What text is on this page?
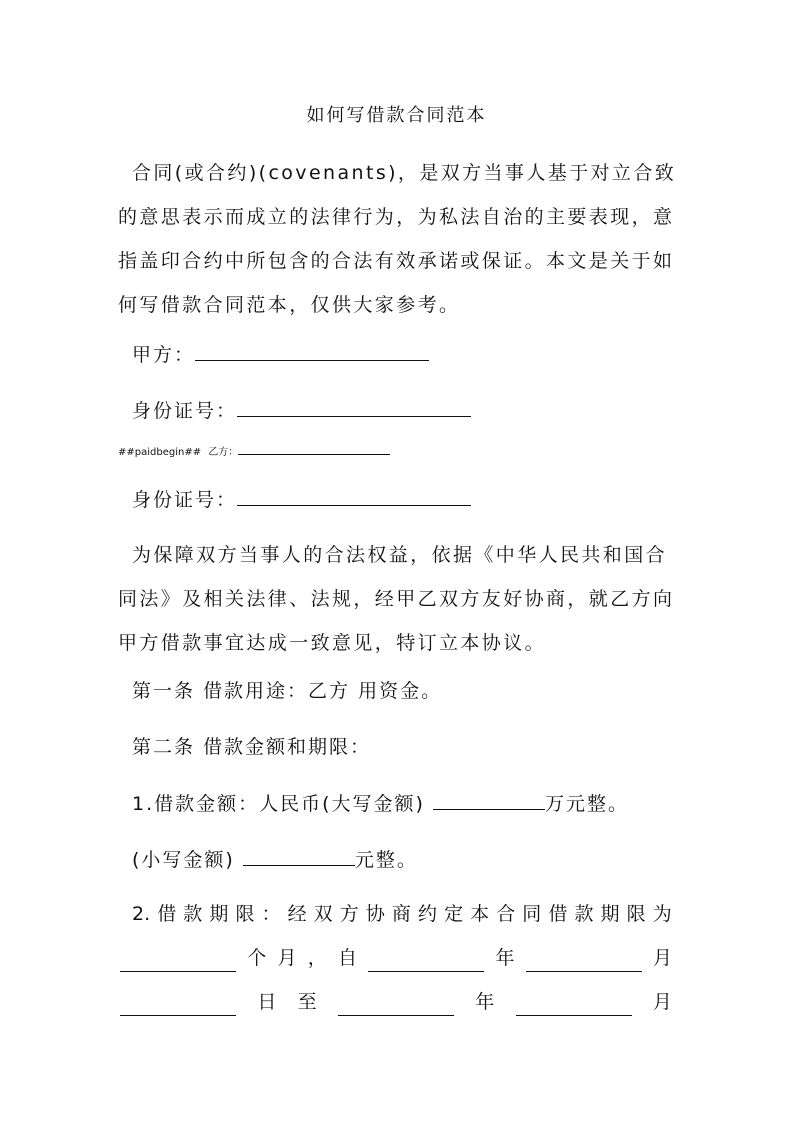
如何写借款合同范本
合同(或合约)(covenants)，是双方当事人基于对立合致的意思表示而成立的法律行为，为私法自治的主要表现，意指盖印合约中所包含的合法有效承诺或保证。本文是关于如何写借款合同范本，仅供大家参考。
甲方：
身份证号：
##paidbegin## 乙方：
身份证号：
为保障双方当事人的合法权益，依据《中华人民共和国合同法》及相关法律、法规，经甲乙双方友好协商，就乙方向甲方借款事宜达成一致意见，特订立本协议。
第一条 借款用途：乙方 用资金。
第二条 借款金额和期限：
1.借款金额：人民币(大写金额)	万元整。
(小写金额)	元整。
2. 借 款 期 限 ： 经 双 方 协 商 约 定 本 合 同 借 款 期 限 为
个 月 ， 自	年	月
日 至	年	月
